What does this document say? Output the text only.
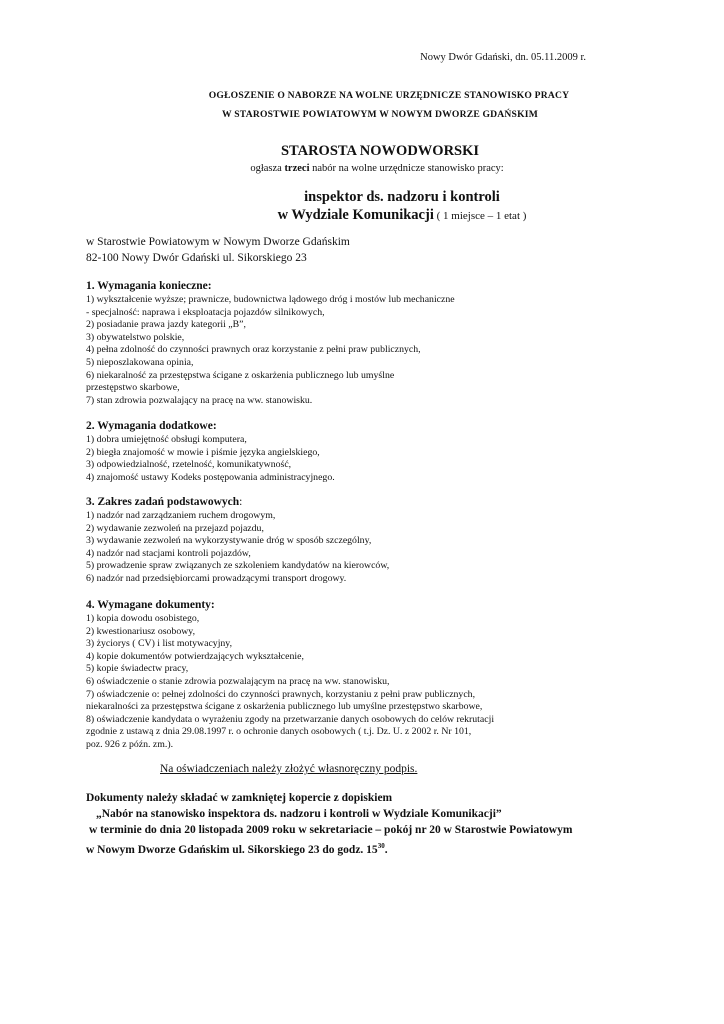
Nowy Dwór Gdański, dn. 05.11.2009 r.
OGŁOSZENIE O NABORZE NA WOLNE URZĘDNICZE STANOWISKO PRACY
W STAROSTWIE POWIATOWYM W NOWYM DWORZE GDAŃSKIM
STAROSTA NOWODWORSKI
ogłasza trzeci nabór na wolne urzędnicze stanowisko pracy:
inspektor ds. nadzoru i kontroli
w Wydziale Komunikacji ( 1 miejsce – 1 etat )
w Starostwie Powiatowym w Nowym Dworze Gdańskim
82-100 Nowy Dwór Gdański ul. Sikorskiego 23
1. Wymagania konieczne:
1) wykształcenie wyższe; prawnicze, budownictwa lądowego dróg i mostów lub mechaniczne
- specjalność: naprawa i eksploatacja pojazdów silnikowych,
2) posiadanie prawa jazdy kategorii „B”,
3) obywatelstwo polskie,
4) pełna zdolność do czynności prawnych oraz korzystanie z pełni praw publicznych,
5) nieposzlakowana opinia,
6) niekaralność za przestępstwa ścigane z oskarżenia publicznego lub umyślne
przestępstwo skarbowe,
7) stan zdrowia pozwalający na pracę na ww. stanowisku.
2. Wymagania dodatkowe:
1) dobra umiejętność obsługi komputera,
2) biegła znajomość w mowie i piśmie języka angielskiego,
3) odpowiedzialność, rzetelność, komunikatywność,
4) znajomość ustawy Kodeks postępowania administracyjnego.
3. Zakres zadań podstawowych:
1) nadzór nad zarządzaniem ruchem drogowym,
2) wydawanie zezwoleń na przejazd pojazdu,
3) wydawanie zezwoleń na wykorzystywanie dróg w sposób szczególny,
4) nadzór nad stacjami kontroli pojazdów,
5) prowadzenie spraw związanych ze szkoleniem kandydatów na kierowców,
6) nadzór nad przedsiębiorcami prowadzącymi transport drogowy.
4. Wymagane dokumenty:
1) kopia dowodu osobistego,
2) kwestionariusz osobowy,
3) życiorys ( CV) i list motywacyjny,
4) kopie dokumentów potwierdzających wykształcenie,
5) kopie świadectw pracy,
6) oświadczenie o stanie zdrowia pozwalającym na pracę na ww. stanowisku,
7) oświadczenie o: pełnej zdolności do czynności prawnych, korzystaniu z pełni praw publicznych,
niekaralności za przestępstwa ścigane z oskarżenia publicznego lub umyślne przestępstwo skarbowe,
8) oświadczenie kandydata o wyrażeniu zgody na przetwarzanie danych osobowych do celów rekrutacji
zgodnie z ustawą z dnia 29.08.1997 r. o ochronie danych osobowych ( t.j. Dz. U. z 2002 r. Nr 101,
poz. 926 z późn. zm.).
Na oświadczeniach należy złożyć własnoręczny podpis.
Dokumenty należy składać w zamkniętej kopercie z dopiskiem
„Nabór na stanowisko inspektora ds. nadzoru i kontroli w Wydziale Komunikacji”
w terminie do dnia 20 listopada 2009 roku w sekretariacie – pokój nr 20 w Starostwie Powiatowym
w Nowym Dworze Gdańskim ul. Sikorskiego 23 do godz. $15^{30}$.
